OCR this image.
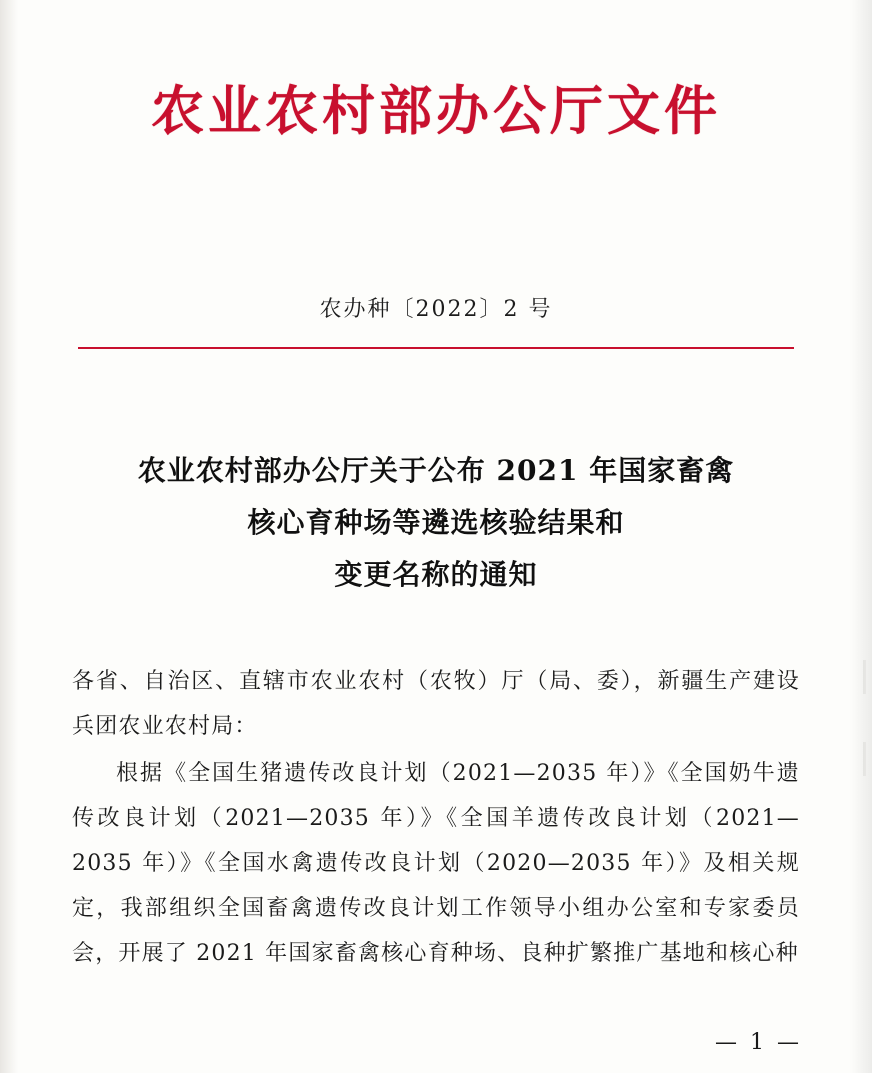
农业农村部办公厅文件
农办种〔2022〕2 号
农业农村部办公厅关于公布 2021 年国家畜禽
核心育种场等遴选核验结果和
变更名称的通知

各省、自治区、直辖市农业农村（农牧）厅（局、委），新疆生产建设兵团农业农村局：

根据《全国生猪遗传改良计划（2021—2035 年）》《全国奶牛遗传改良计划（2021—2035 年）》《全国羊遗传改良计划（2021—2035 年）》《全国水禽遗传改良计划（2020—2035 年）》及相关规定，我部组织全国畜禽遗传改良计划工作领导小组办公室和专家委员会，开展了 2021 年国家畜禽核心育种场、良种扩繁推广基地和核心种

— 1 —
